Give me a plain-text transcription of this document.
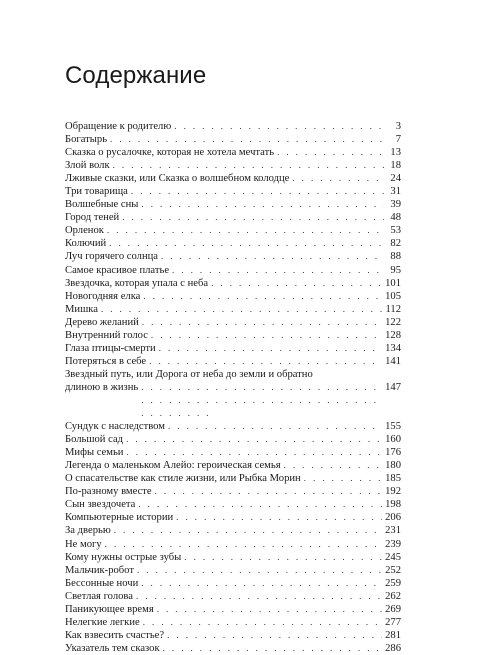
Содержание
Обращение к родителю . . .	3
Богатырь . . .	7
Сказка о русалочке, которая не хотела мечтать . . .	13
Злой волк . . .	18
Лживые сказки, или Сказка о волшебном колодце . . .	24
Три товарища . . .	31
Волшебные сны . . .	39
Город теней . . .	48
Орленок . . .	53
Колючий . . .	82
Луч горячего солнца . . .	88
Самое красивое платье . . .	95
Звездочка, которая упала с неба . . .	101
Новогодняя елка . . .	105
Мишка . . .	112
Дерево желаний . . .	122
Внутренний голос . . .	128
Глаза птицы-смерти . . .	134
Потеряться в себе . . .	141
Звездный путь, или Дорога от неба до земли и обратно
длиною в жизнь . . .	147
Сундук с наследством . . .	155
Большой сад . . .	160
Мифы семьи . . .	176
Легенда о маленьком Алейо: героическая семья . . .	180
О спасательстве как стиле жизни, или Рыбка Морин . . .	185
По-разному вместе . . .	192
Сын звездочета . . .	198
Компьютерные истории . . .	206
За дверью . . .	231
Не могу . . .	239
Кому нужны острые зубы . . .	245
Мальчик-робот . . .	252
Бессонные ночи . . .	259
Светлая голова . . .	262
Паникующее время . . .	269
Нелегкие легкие . . .	277
Как взвесить счастье? . . .	281
Указатель тем сказок . . .	286
